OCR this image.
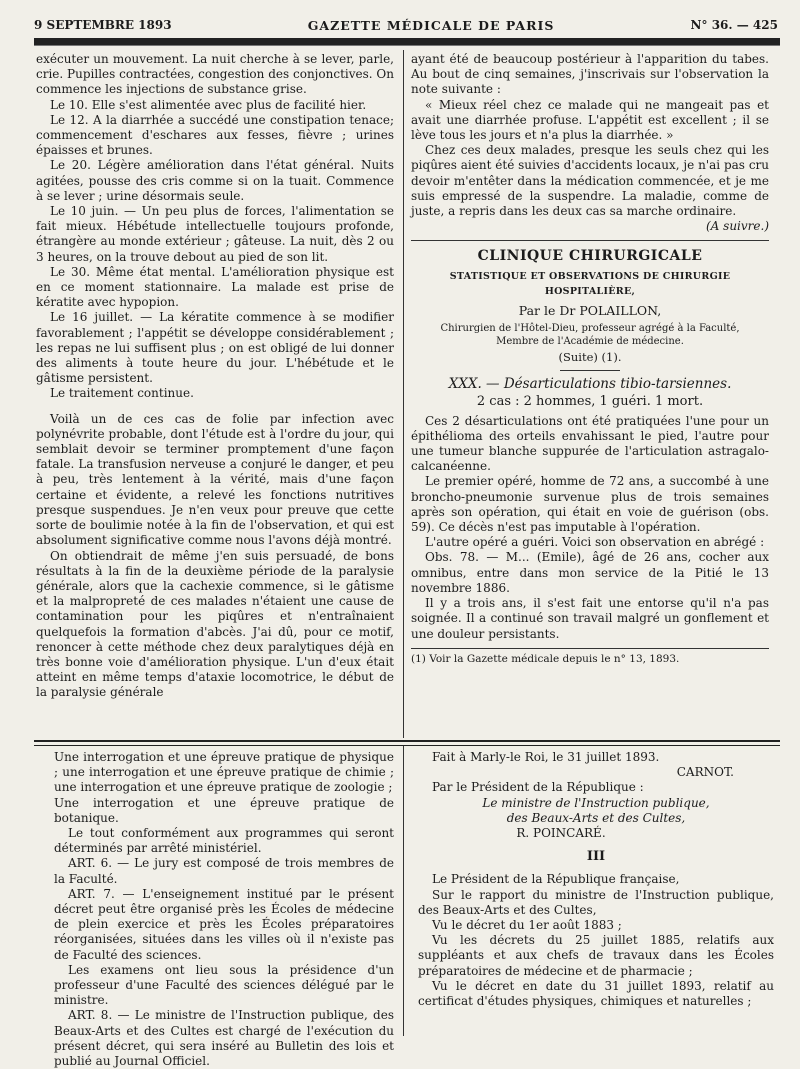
9 SEPTEMBRE 1893	GAZETTE MÉDICALE DE PARIS	N° 36. — 425

exécuter un mouvement. La nuit cherche à se lever, parle, crie. Pupilles contractées, congestion des conjonctives. On commence les injections de substance grise.

Le 10. Elle s'est alimentée avec plus de facilité hier.

Le 12. A la diarrhée a succédé une constipation tenace; commencement d'eschares aux fesses, fièvre ; urines épaisses et brunes.

Le 20. Légère amélioration dans l'état général. Nuits agitées, pousse des cris comme si on la tuait. Commence à se lever ; urine désormais seule.

Le 10 juin. — Un peu plus de forces, l'alimentation se fait mieux. Hébétude intellectuelle toujours profonde, étrangère au monde extérieur ; gâteuse. La nuit, dès 2 ou 3 heures, on la trouve debout au pied de son lit.

Le 30. Même état mental. L'amélioration physique est en ce moment stationnaire. La malade est prise de kératite avec hypopion.

Le 16 juillet. — La kératite commence à se modifier favorablement ; l'appétit se développe considérablement ; les repas ne lui suffisent plus ; on est obligé de lui donner des aliments à toute heure du jour. L'hébétude et le gâtisme persistent.

Le traitement continue.

Voilà un de ces cas de folie par infection avec polynévrite probable, dont l'étude est à l'ordre du jour, qui semblait devoir se terminer promptement d'une façon fatale. La transfusion nerveuse a conjuré le danger, et peu à peu, très lentement à la vérité, mais d'une façon certaine et évidente, a relevé les fonctions nutritives presque suspendues. Je n'en veux pour preuve que cette sorte de boulimie notée à la fin de l'observation, et qui est absolument significative comme nous l'avons déjà montré.

On obtiendrait de même j'en suis persuadé, de bons résultats à la fin de la deuxième période de la paralysie générale, alors que la cachexie commence, si le gâtisme et la malpropreté de ces malades n'étaient une cause de contamination pour les piqûres et n'entraînaient quelquefois la formation d'abcès. J'ai dû, pour ce motif, renoncer à cette méthode chez deux paralytiques déjà en très bonne voie d'amélioration physique. L'un d'eux était atteint en même temps d'ataxie locomotrice, le début de la paralysie générale

ayant été de beaucoup postérieur à l'apparition du tabes. Au bout de cinq semaines, j'inscrivais sur l'observation la note suivante :

« Mieux réel chez ce malade qui ne mangeait pas et avait une diarrhée profuse. L'appétit est excellent ; il se lève tous les jours et n'a plus la diarrhée. »

Chez ces deux malades, presque les seuls chez qui les piqûres aient été suivies d'accidents locaux, je n'ai pas cru devoir m'entêter dans la médication commencée, et je me suis empressé de la suspendre. La maladie, comme de juste, a repris dans les deux cas sa marche ordinaire.

(A suivre.)

CLINIQUE CHIRURGICALE
STATISTIQUE ET OBSERVATIONS DE CHIRURGIE HOSPITALIÈRE,
Par le Dr POLAILLON,
Chirurgien de l'Hôtel-Dieu, professeur agrégé à la Faculté,
Membre de l'Académie de médecine.
(Suite) (1).
XXX. — Désarticulations tibio-tarsiennes.
2 cas : 2 hommes, 1 guéri. 1 mort.

Ces 2 désarticulations ont été pratiquées l'une pour un épithélioma des orteils envahissant le pied, l'autre pour une tumeur blanche suppurée de l'articulation astragalo-calcanéenne.

Le premier opéré, homme de 72 ans, a succombé à une broncho-pneumonie survenue plus de trois semaines après son opération, qui était en voie de guérison (obs. 59). Ce décès n'est pas imputable à l'opération.

L'autre opéré a guéri. Voici son observation en abrégé :

Obs. 78. — M... (Emile), âgé de 26 ans, cocher aux omnibus, entre dans mon service de la Pitié le 13 novembre 1886.

Il y a trois ans, il s'est fait une entorse qu'il n'a pas soignée. Il a continué son travail malgré un gonflement et une douleur persistants.

(1) Voir la Gazette médicale depuis le n° 13, 1893.

Une interrogation et une épreuve pratique de physique ; une interrogation et une épreuve pratique de chimie ; une interrogation et une épreuve pratique de zoologie ;

Une interrogation et une épreuve pratique de botanique.

Le tout conformément aux programmes qui seront déterminés par arrêté ministériel.

ART. 6. — Le jury est composé de trois membres de la Faculté.

ART. 7. — L'enseignement institué par le présent décret peut être organisé près les Écoles de médecine de plein exercice et près les Écoles préparatoires réorganisées, situées dans les villes où il n'existe pas de Faculté des sciences.

Les examens ont lieu sous la présidence d'un professeur d'une Faculté des sciences délégué par le ministre.

ART. 8. — Le ministre de l'Instruction publique, des Beaux-Arts et des Cultes est chargé de l'exécution du présent décret, qui sera inséré au Bulletin des lois et publié au Journal Officiel.

Fait à Marly-le Roi, le 31 juillet 1893.

CARNOT.

Par le Président de la République :

Le ministre de l'Instruction publique,

des Beaux-Arts et des Cultes,

R. POINCARÉ.

III

Le Président de la République française,

Sur le rapport du ministre de l'Instruction publique, des Beaux-Arts et des Cultes,

Vu le décret du 1er août 1883 ;

Vu les décrets du 25 juillet 1885, relatifs aux suppléants et aux chefs de travaux dans les Écoles préparatoires de médecine et de pharmacie ;

Vu le décret en date du 31 juillet 1893, relatif au certificat d'études physiques, chimiques et naturelles ;
